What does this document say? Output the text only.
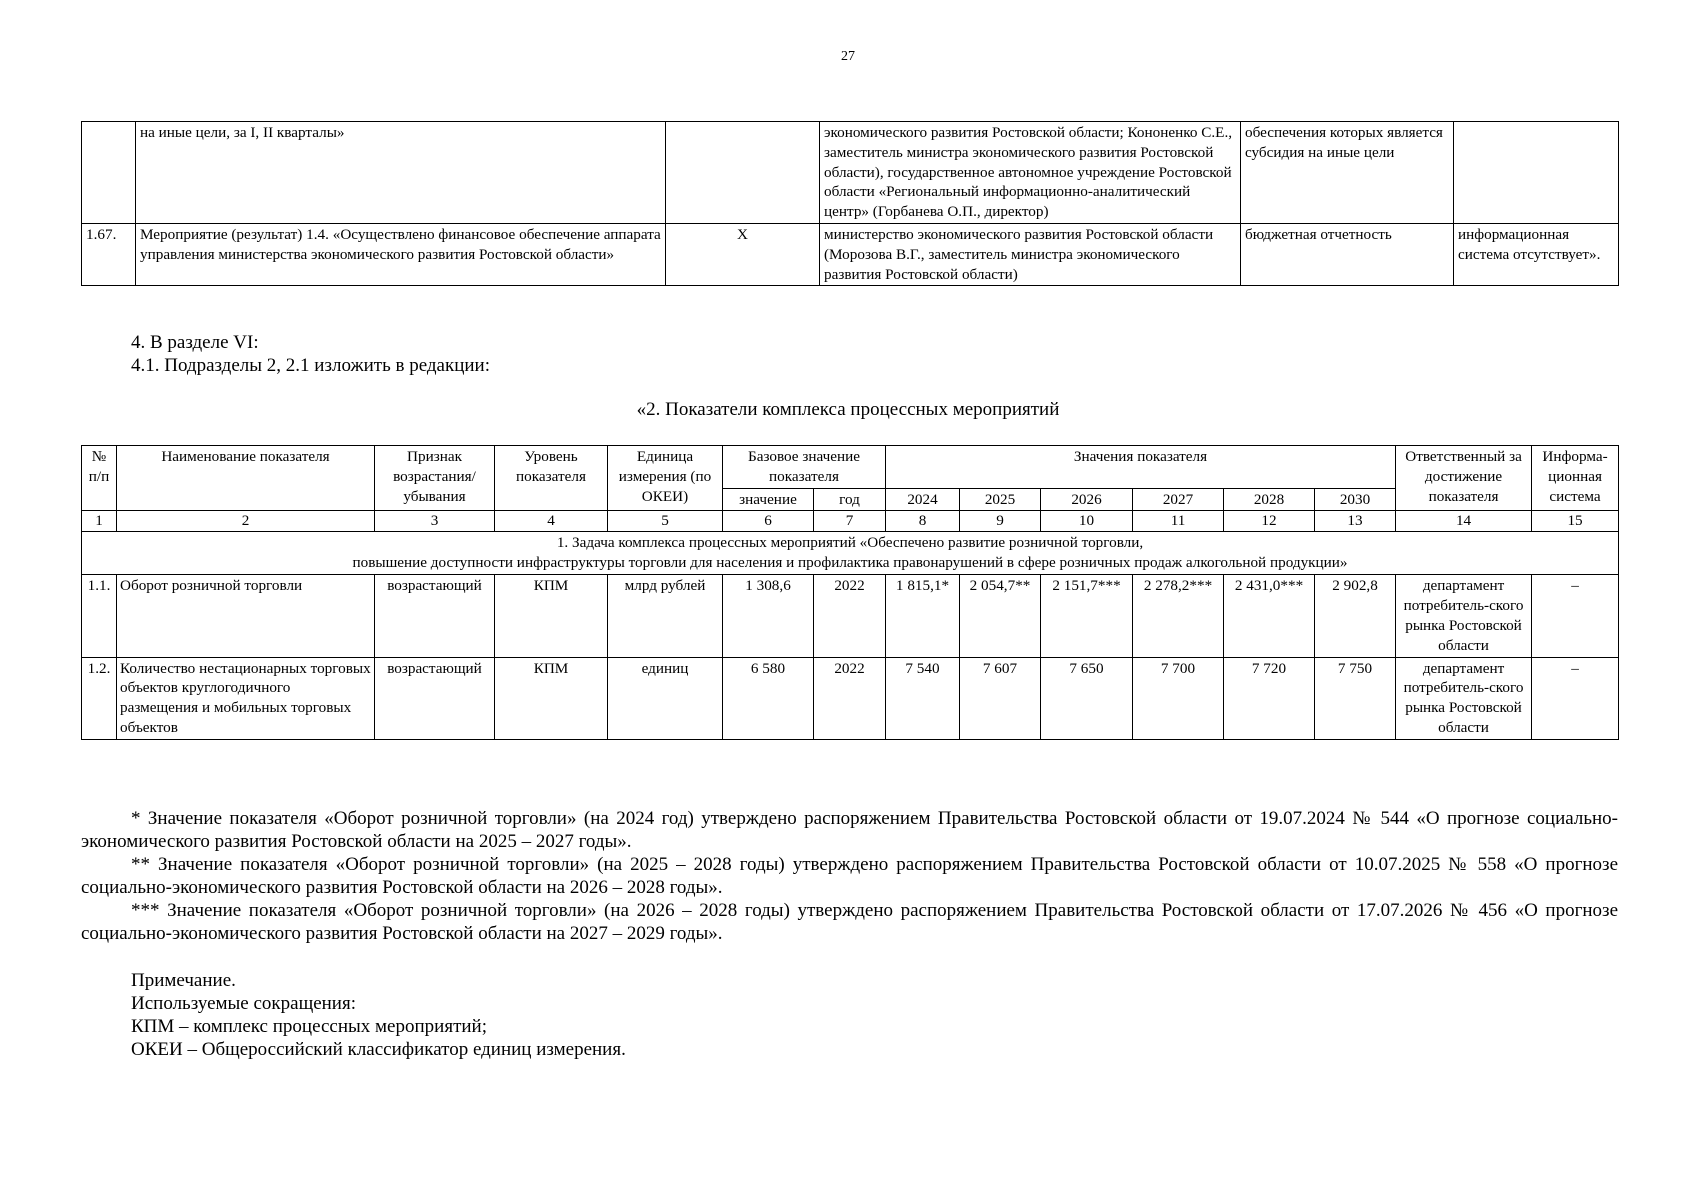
27
	на иные цели, за I, II кварталы»		экономического развития Ростовской области; Кононенко С.Е., заместитель министра экономического развития Ростовской области), государственное автономное учреждение Ростовской области «Региональный информационно-аналитический центр» (Горбанева О.П., директор)	обеспечения которых является субсидия на иные цели	
1.67.	Мероприятие (результат) 1.4. «Осуществлено финансовое обеспечение аппарата управления министерства экономического развития Ростовской области»	Х	министерство экономического развития Ростовской области (Морозова В.Г., заместитель министра экономического развития Ростовской области)	бюджетная отчетность	информационная система отсутствует».
4. В разделе VI:
4.1. Подразделы 2, 2.1 изложить в редакции:
«2. Показатели комплекса процессных мероприятий
№ п/п	Наименование показателя	Признак возрастания/ убывания	Уровень показателя	Единица измерения (по ОКЕИ)	Базовое значение показателя		Значения показателя						Ответственный за достижение показателя	Информа-ционная система
					значение	год	2024	2025	2026	2027	2028	2030		
1	2	3	4	5	6	7	8	9	10	11	12	13	14	15

1. Задача комплекса процессных мероприятий «Обеспечено развитие розничной торговли,
повышение доступности инфраструктуры торговли для населения и профилактика правонарушений в сфере розничных продаж алкогольной продукции»														

1.1.	Оборот розничной торговли	возрастающий	КПМ	млрд рублей	1 308,6	2022	1 815,1*	2 054,7**	2 151,7***	2 278,2***	2 431,0***	2 902,8	департамент потребитель-ского рынка Ростовской области	–
1.2.	Количество нестационарных торговых объектов круглогодичного размещения и мобильных торговых объектов	возрастающий	КПМ	единиц	6 580	2022	7 540	7 607	7 650	7 700	7 720	7 750	департамент потребитель-ского рынка Ростовской области	–

* Значение показателя «Оборот розничной торговли» (на 2024 год) утверждено распоряжением Правительства Ростовской области от 19.07.2024 № 544 «О прогнозе социально-экономического развития Ростовской области на 2025 – 2027 годы».

** Значение показателя «Оборот розничной торговли» (на 2025 – 2028 годы) утверждено распоряжением Правительства Ростовской области от 10.07.2025 № 558 «О прогнозе социально-экономического развития Ростовской области на 2026 – 2028 годы».

*** Значение показателя «Оборот розничной торговли» (на 2026 – 2028 годы) утверждено распоряжением Правительства Ростовской области от 17.07.2026 № 456 «О прогнозе социально-экономического развития Ростовской области на 2027 – 2029 годы».

Примечание.
Используемые сокращения:
КПМ – комплекс процессных мероприятий;
ОКЕИ – Общероссийский классификатор единиц измерения.
